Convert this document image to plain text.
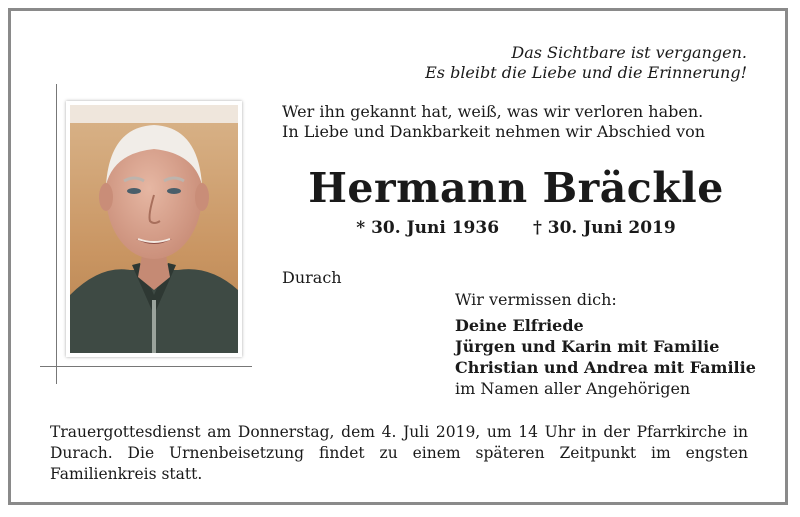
Das Sichtbare ist vergangen.
Es bleibt die Liebe und die Erinnerung!
Wer ihn gekannt hat, weiß, was wir verloren haben.
In Liebe und Dankbarkeit nehmen wir Abschied von
Hermann Bräckle
* 30. Juni 1936 † 30. Juni 2019
Durach
Wir vermissen dich:
Deine Elfriede
Jürgen und Karin mit Familie
Christian und Andrea mit Familie
im Namen aller Angehörigen
Trauergottesdienst am Donnerstag, dem 4. Juli 2019, um 14 Uhr in der Pfarrkirche in Durach. Die Urnenbeisetzung findet zu einem späteren Zeitpunkt im engsten Familienkreis statt.
